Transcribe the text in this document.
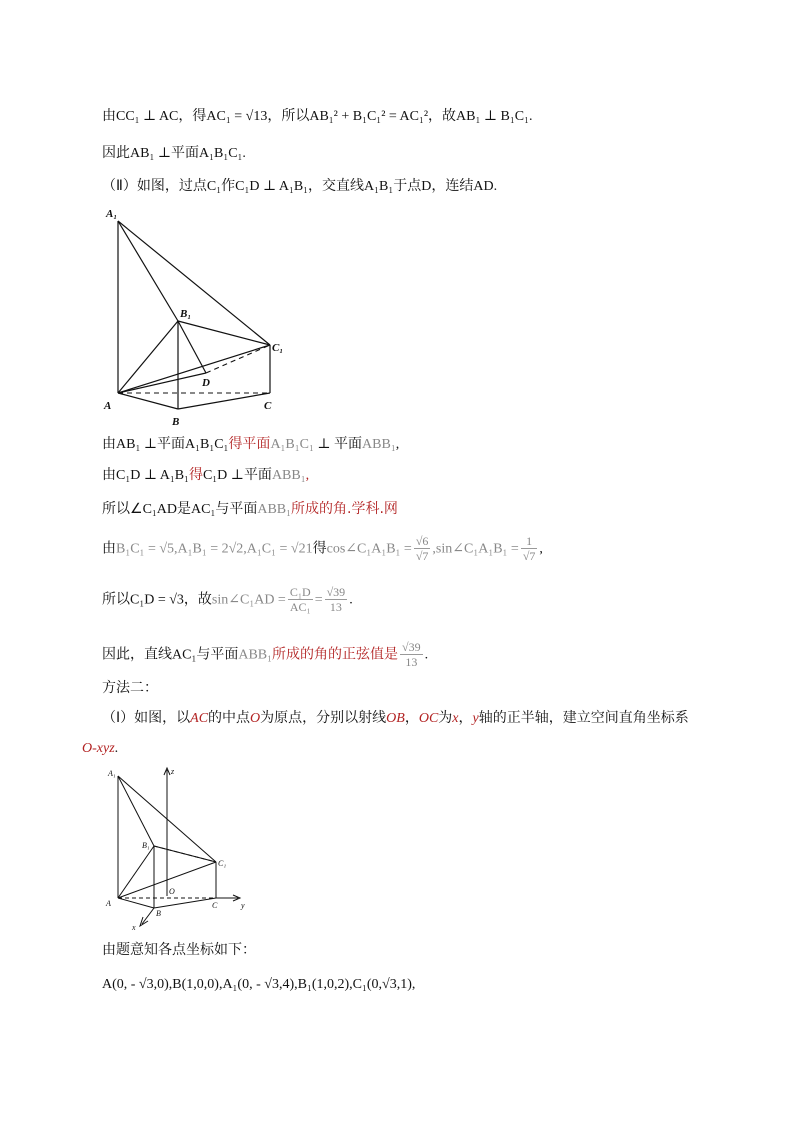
由CC₁ ⊥ AC，得AC₁ = √13，所以AB₁² + B₁C₁² = AC₁²，故AB₁ ⊥ B₁C₁.
因此AB₁ ⊥平面A₁B₁C₁.
（Ⅱ）如图，过点C₁作C₁D ⊥ A₁B₁，交直线A₁B₁于点D，连结AD.
A₁
B₁
C₁
D
A
B
C
由AB₁ ⊥平面A₁B₁C₁得平面A₁B₁C₁ ⊥ 平面ABB₁,
由C₁D ⊥ A₁B₁得C₁D ⊥平面ABB₁,
所以∠C₁AD是AC₁与平面ABB₁所成的角.学科.网
由B₁C₁ = √5,A₁B₁ = 2√2,A₁C₁ = √21得cos∠C₁A₁B₁ = $\frac{√6}{√7}$ ,sin∠C₁A₁B₁ = $\frac{1}{√7}$ ,
所以C₁D = √3，故sin∠C₁AD = $\frac{\text{C₁D}}{\text{AC₁}} = \frac{√39}{13}$ .
因此，直线AC₁与平面ABB₁所成的角的正弦值是 $\frac{√39}{13}$ .
方法二：
（Ⅰ）如图，以AC的中点O为原点，分别以射线OB，OC为x，y轴的正半轴，建立空间直角坐标系
O-xyz.
A₁
B₁
C₁
O
A
B
C
x
y
z
由题意知各点坐标如下：
A(0, - √3,0),B(1,0,0),A₁(0, - √3,4),B₁(1,0,2),C₁(0,√3,1),
